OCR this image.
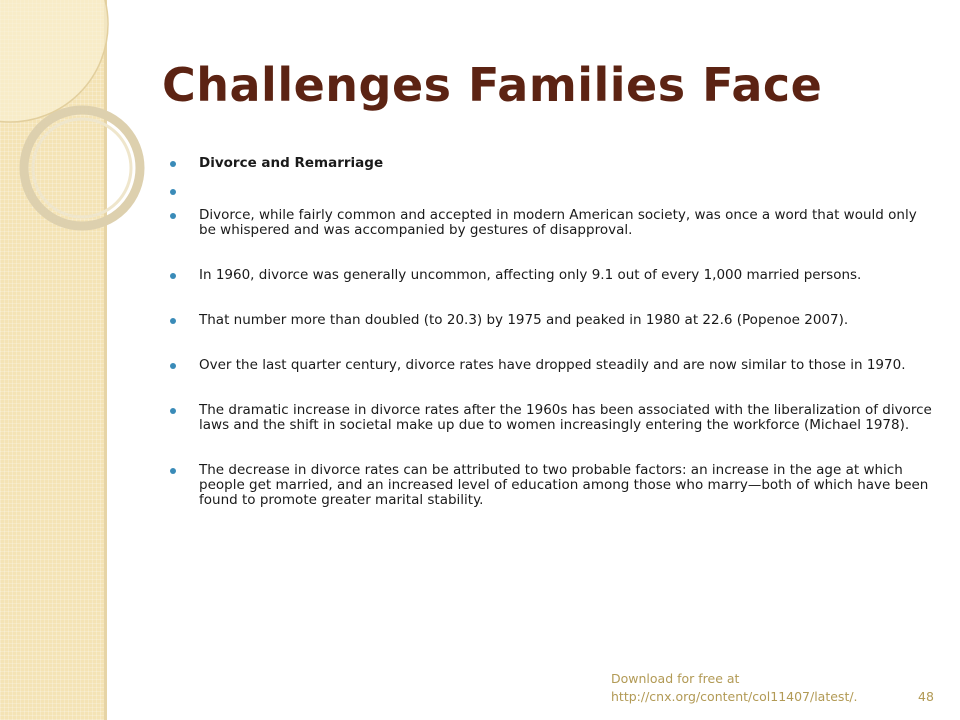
Challenges Families Face
Divorce and Remarriage
Divorce, while fairly common and accepted in modern American society, was once a word that would only be whispered and was accompanied by gestures of disapproval.
In 1960, divorce was generally uncommon, affecting only 9.1 out of every 1,000 married persons.
That number more than doubled (to 20.3) by 1975 and peaked in 1980 at 22.6 (Popenoe 2007).
Over the last quarter century, divorce rates have dropped steadily and are now similar to those in 1970.
The dramatic increase in divorce rates after the 1960s has been associated with the liberalization of divorce laws and the shift in societal make up due to women increasingly entering the workforce (Michael 1978).
The decrease in divorce rates can be attributed to two probable factors: an increase in the age at which people get married, and an increased level of education among those who marry—both of which have been found to promote greater marital stability.
Download for free at
http://cnx.org/content/col11407/latest/.	48
